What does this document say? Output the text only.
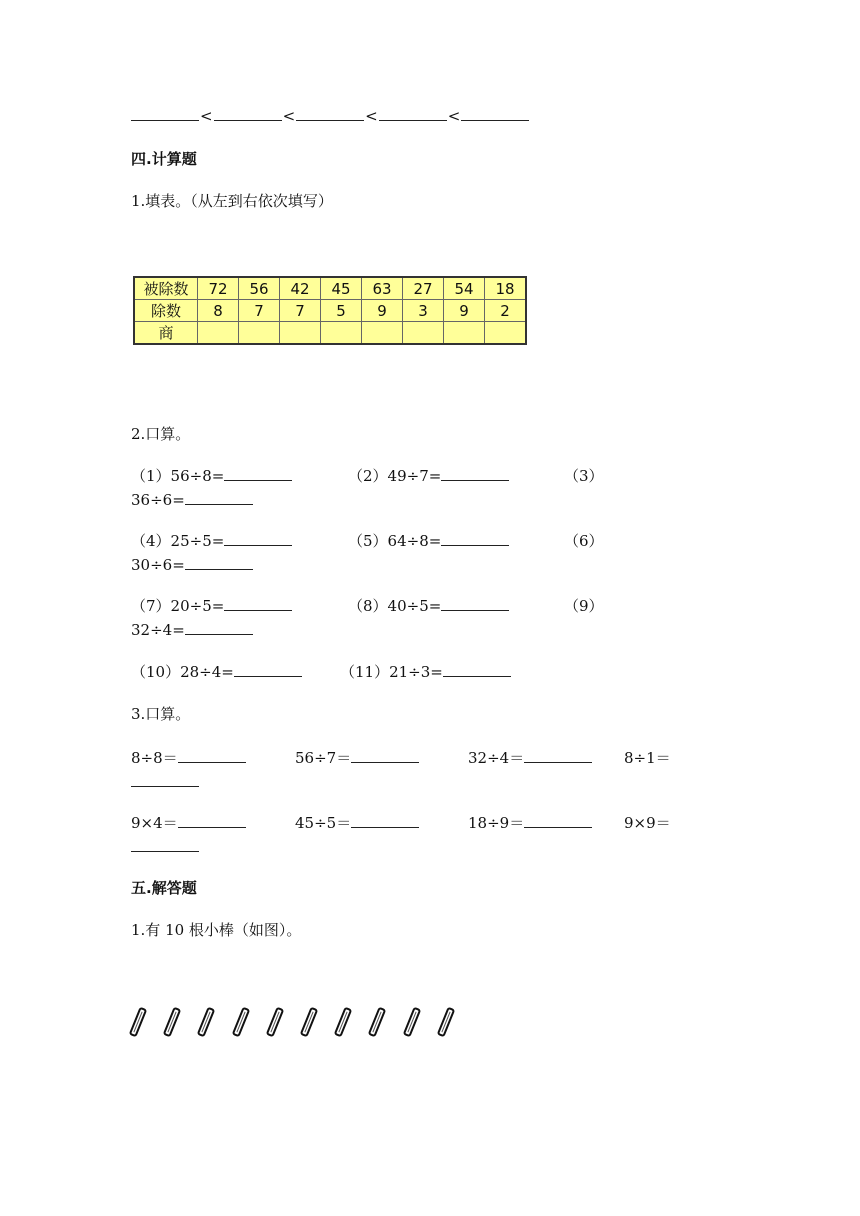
<	<	<	<
四.计算题
1.填表。（从左到右依次填写）
被除数	72	56	42	45	63	27	54	18
除数	8	7	7	5	9	3	9	2
商								
2.口算。
（1）56÷8=	（2）49÷7=	（3）
36÷6=
（4）25÷5=	（5）64÷8=	（6）
30÷6=
（7）20÷5=	（8）40÷5=	（9）
32÷4=
（10）28÷4=	（11）21÷3=
3.口算。
8÷8＝	56÷7＝	32÷4＝	8÷1＝
9×4＝	45÷5＝	18÷9＝	9×9＝
五.解答题
1.有 10 根小棒（如图）。
